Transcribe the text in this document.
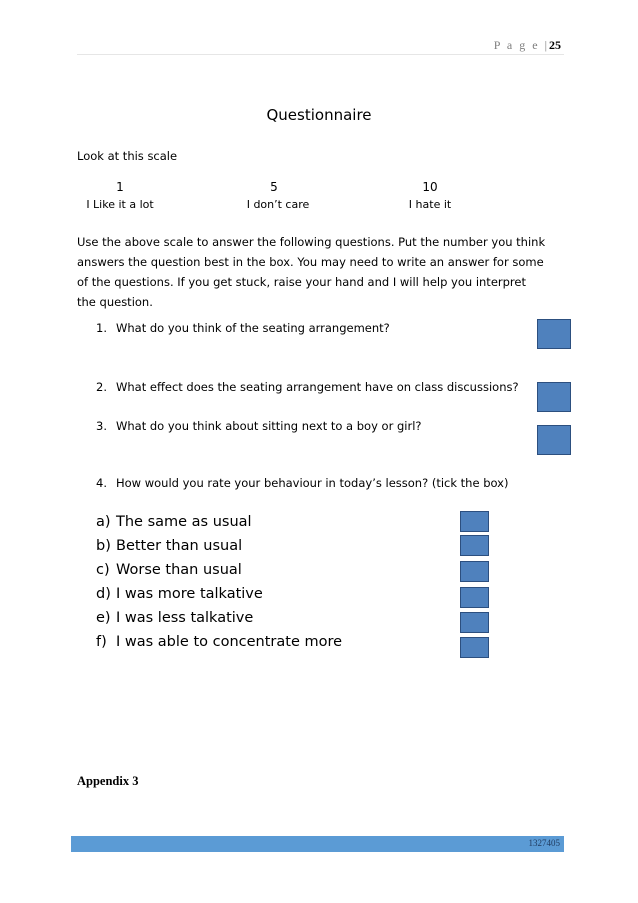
P a g e |25
Questionnaire
Look at this scale
1	5	10
I Like it a lot	I don’t care	I hate it
Use the above scale to answer the following questions. Put the number you think
answers the question best in the box. You may need to write an answer for some
of the questions. If you get stuck, raise your hand and I will help you interpret
the question.
1. What do you think of the seating arrangement?
2. What effect does the seating arrangement have on class discussions?
3. What do you think about sitting next to a boy or girl?
4. How would you rate your behaviour in today’s lesson? (tick the box)
a) The same as usual
b) Better than usual
c) Worse than usual
d) I was more talkative
e) I was less talkative
f) I was able to concentrate more
Appendix 3
1327405
